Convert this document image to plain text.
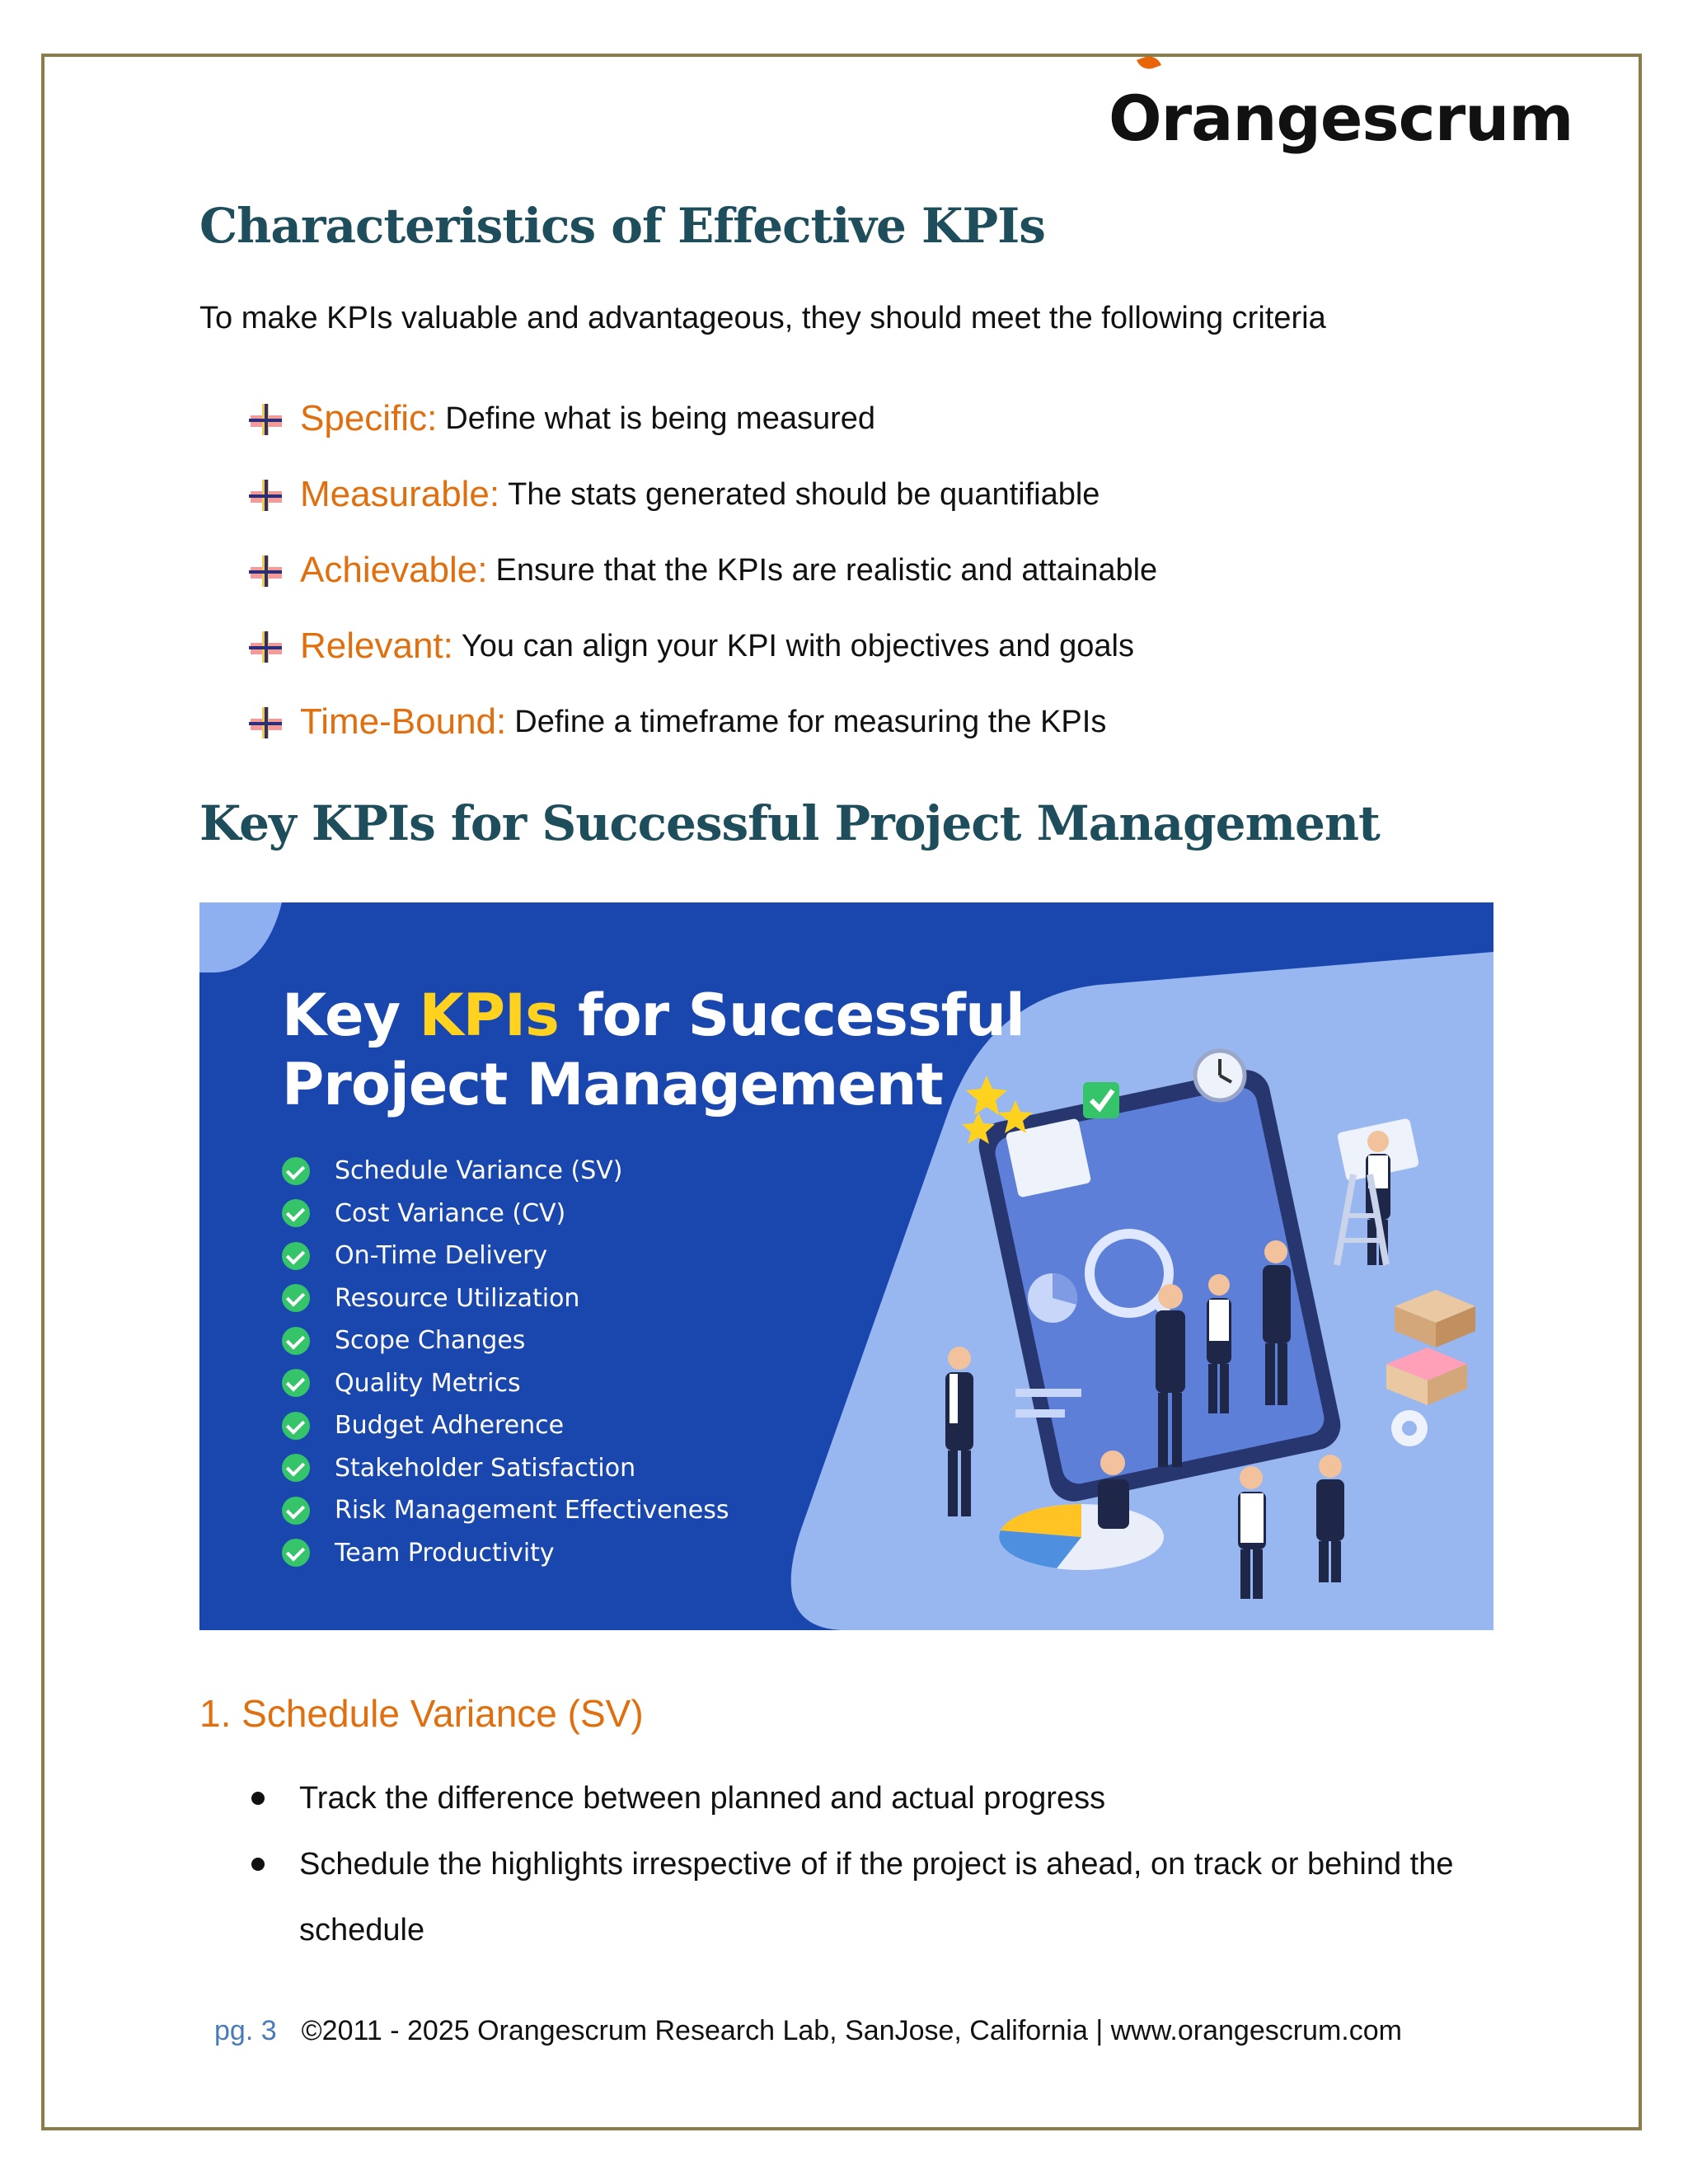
Orangescrum
Characteristics of Effective KPIs
To make KPIs valuable and advantageous, they should meet the following criteria
Specific: Define what is being measured
Measurable: The stats generated should be quantifiable
Achievable: Ensure that the KPIs are realistic and attainable
Relevant: You can align your KPI with objectives and goals
Time-Bound: Define a timeframe for measuring the KPIs
Key KPIs for Successful Project Management
Key KPIs for Successful
Project Management
Schedule Variance (SV)
Cost Variance (CV)
On-Time Delivery
Resource Utilization
Scope Changes
Quality Metrics
Budget Adherence
Stakeholder Satisfaction
Risk Management Effectiveness
Team Productivity
1. Schedule Variance (SV)
Track the difference between planned and actual progress
Schedule the highlights irrespective of if the project is ahead, on track or behind the schedule
pg. 3 ©2011 - 2025 Orangescrum Research Lab, SanJose, California | www.orangescrum.com
